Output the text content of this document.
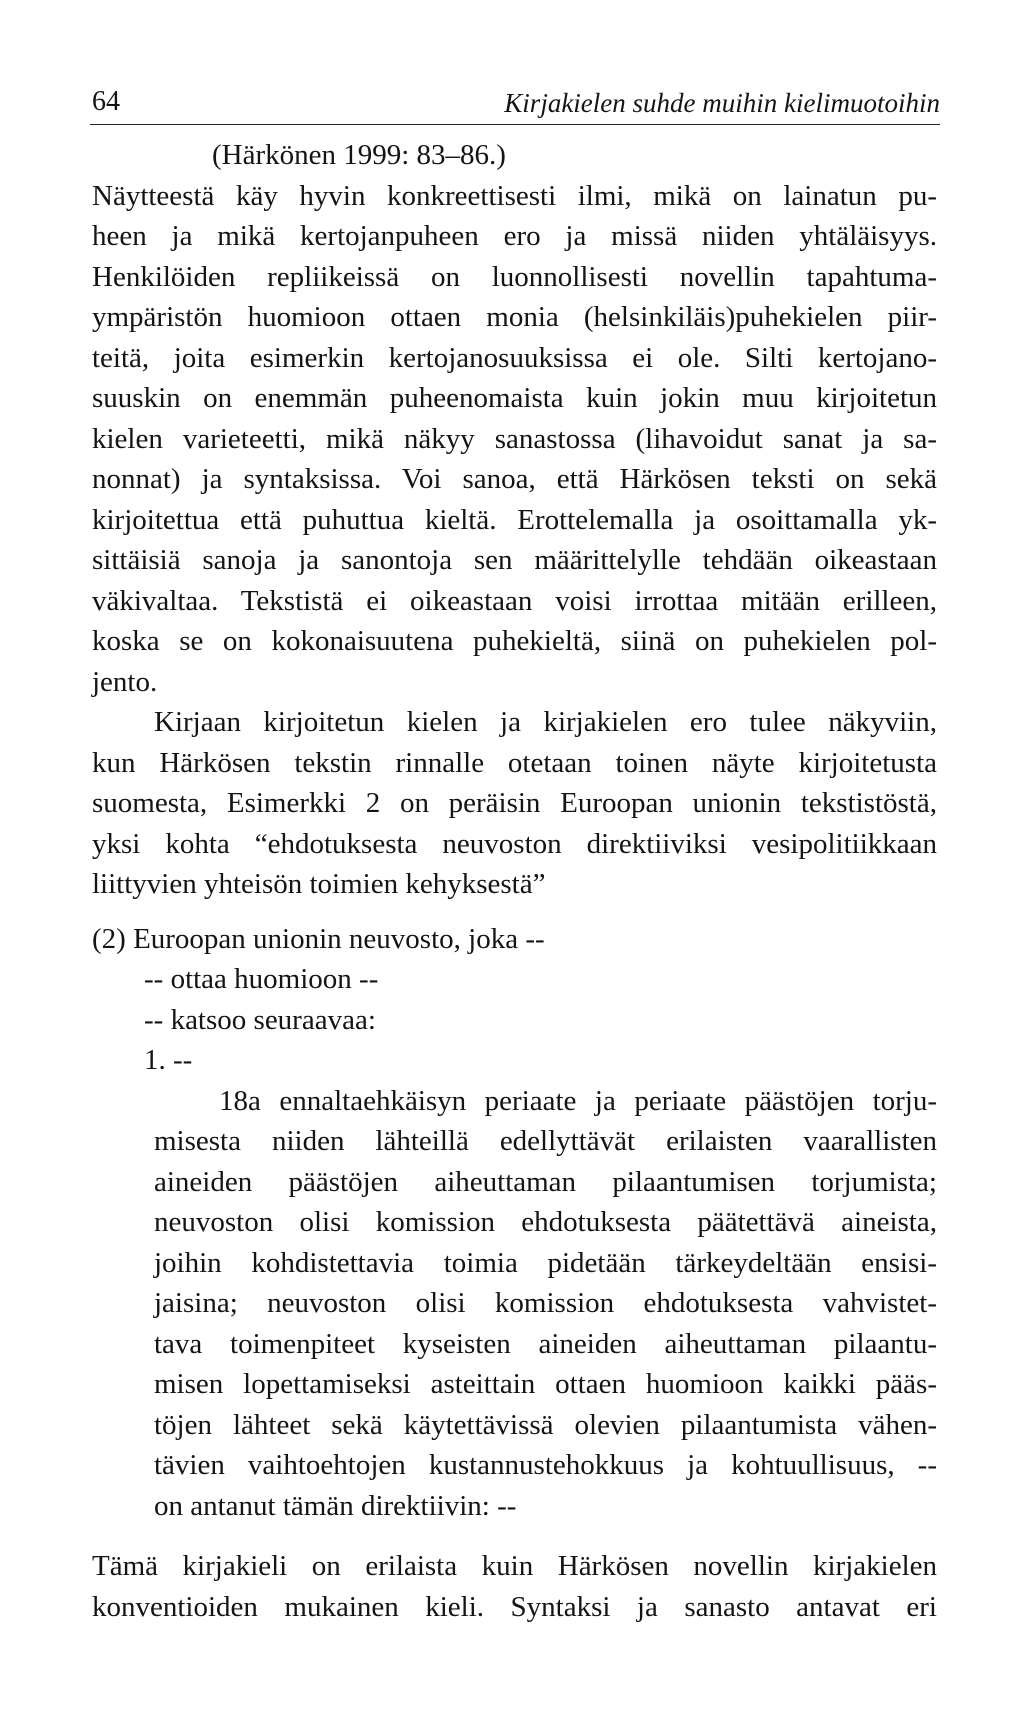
64	Kirjakielen suhde muihin kielimuotoihin
(Härkönen 1999: 83–86.)
Näytteestä käy hyvin konkreettisesti ilmi, mikä on lainatun pu-
heen ja mikä kertojanpuheen ero ja missä niiden yhtäläisyys.
Henkilöiden repliikeissä on luonnollisesti novellin tapahtuma-
ympäristön huomioon ottaen monia (helsinkiläis)puhekielen piir-
teitä, joita esimerkin kertojanosuuksissa ei ole. Silti kertojano-
suuskin on enemmän puheenomaista kuin jokin muu kirjoitetun
kielen varieteetti, mikä näkyy sanastossa (lihavoidut sanat ja sa-
nonnat) ja syntaksissa. Voi sanoa, että Härkösen teksti on sekä
kirjoitettua että puhuttua kieltä. Erottelemalla ja osoittamalla yk-
sittäisiä sanoja ja sanontoja sen määrittelylle tehdään oikeastaan
väkivaltaa. Tekstistä ei oikeastaan voisi irrottaa mitään erilleen,
koska se on kokonaisuutena puhekieltä, siinä on puhekielen pol-
jento.
Kirjaan kirjoitetun kielen ja kirjakielen ero tulee näkyviin,
kun Härkösen tekstin rinnalle otetaan toinen näyte kirjoitetusta
suomesta, Esimerkki 2 on peräisin Euroopan unionin tekstistöstä,
yksi kohta “ehdotuksesta neuvoston direktiiviksi vesipolitiikkaan
liittyvien yhteisön toimien kehyksestä”
(2) Euroopan unionin neuvosto, joka --
-- ottaa huomioon --
-- katsoo seuraavaa:
1. --
18a ennaltaehkäisyn periaate ja periaate päästöjen torju-
misesta niiden lähteillä edellyttävät erilaisten vaarallisten
aineiden päästöjen aiheuttaman pilaantumisen torjumista;
neuvoston olisi komission ehdotuksesta päätettävä aineista,
joihin kohdistettavia toimia pidetään tärkeydeltään ensisi-
jaisina; neuvoston olisi komission ehdotuksesta vahvistet-
tava toimenpiteet kyseisten aineiden aiheuttaman pilaantu-
misen lopettamiseksi asteittain ottaen huomioon kaikki pääs-
töjen lähteet sekä käytettävissä olevien pilaantumista vähen-
tävien vaihtoehtojen kustannustehokkuus ja kohtuullisuus, --
on antanut tämän direktiivin: --
Tämä kirjakieli on erilaista kuin Härkösen novellin kirjakielen
konventioiden mukainen kieli. Syntaksi ja sanasto antavat eri
